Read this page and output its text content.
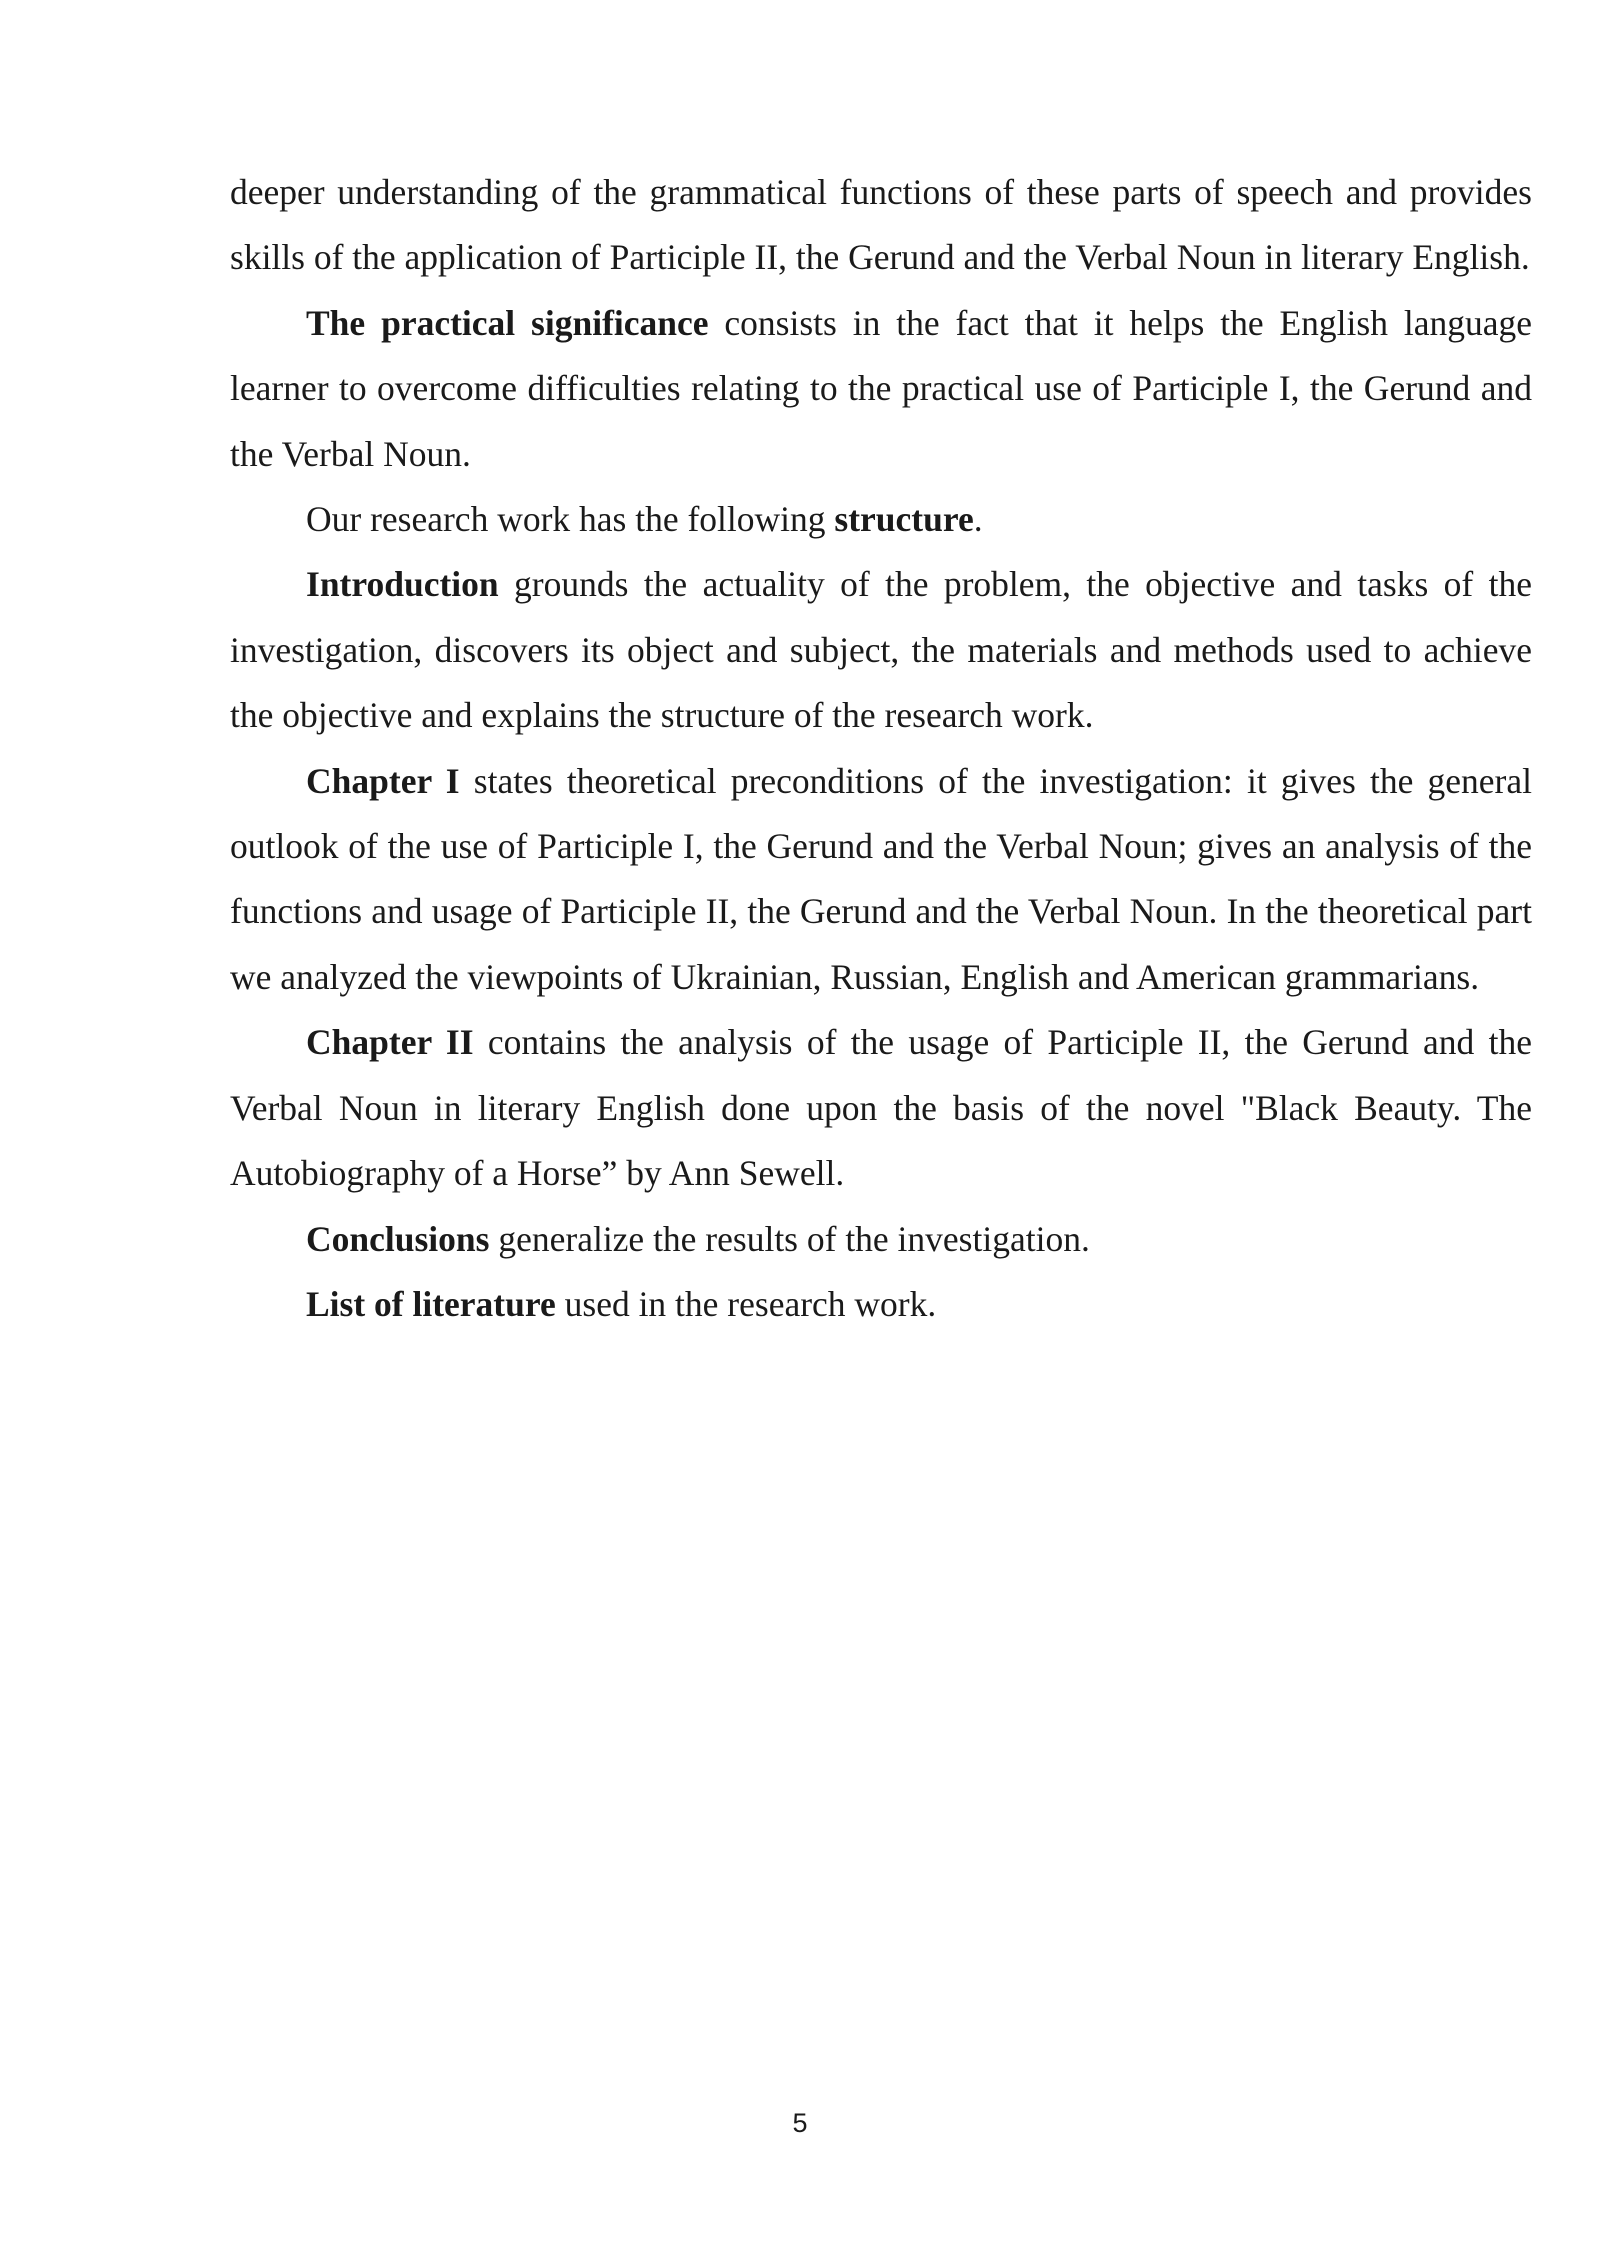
deeper understanding of the grammatical functions of these parts of speech and provides skills of the application of Participle II, the Gerund and the Verbal Noun in literary English.

The practical significance consists in the fact that it helps the English language learner to overcome difficulties relating to the practical use of Participle I, the Gerund and the Verbal Noun.

Our research work has the following structure.

Introduction grounds the actuality of the problem, the objective and tasks of the investigation, discovers its object and subject, the materials and methods used to achieve the objective and explains the structure of the research work.

Chapter I states theoretical preconditions of the investigation: it gives the general outlook of the use of Participle I, the Gerund and the Verbal Noun; gives an analysis of the functions and usage of Participle II, the Gerund and the Verbal Noun. In the theoretical part we analyzed the viewpoints of Ukrainian, Russian, English and American grammarians.

Chapter II contains the analysis of the usage of Participle II, the Gerund and the Verbal Noun in literary English done upon the basis of the novel "Black Beauty. The Autobiography of a Horse” by Ann Sewell.

Conclusions generalize the results of the investigation.

List of literature used in the research work.

5
